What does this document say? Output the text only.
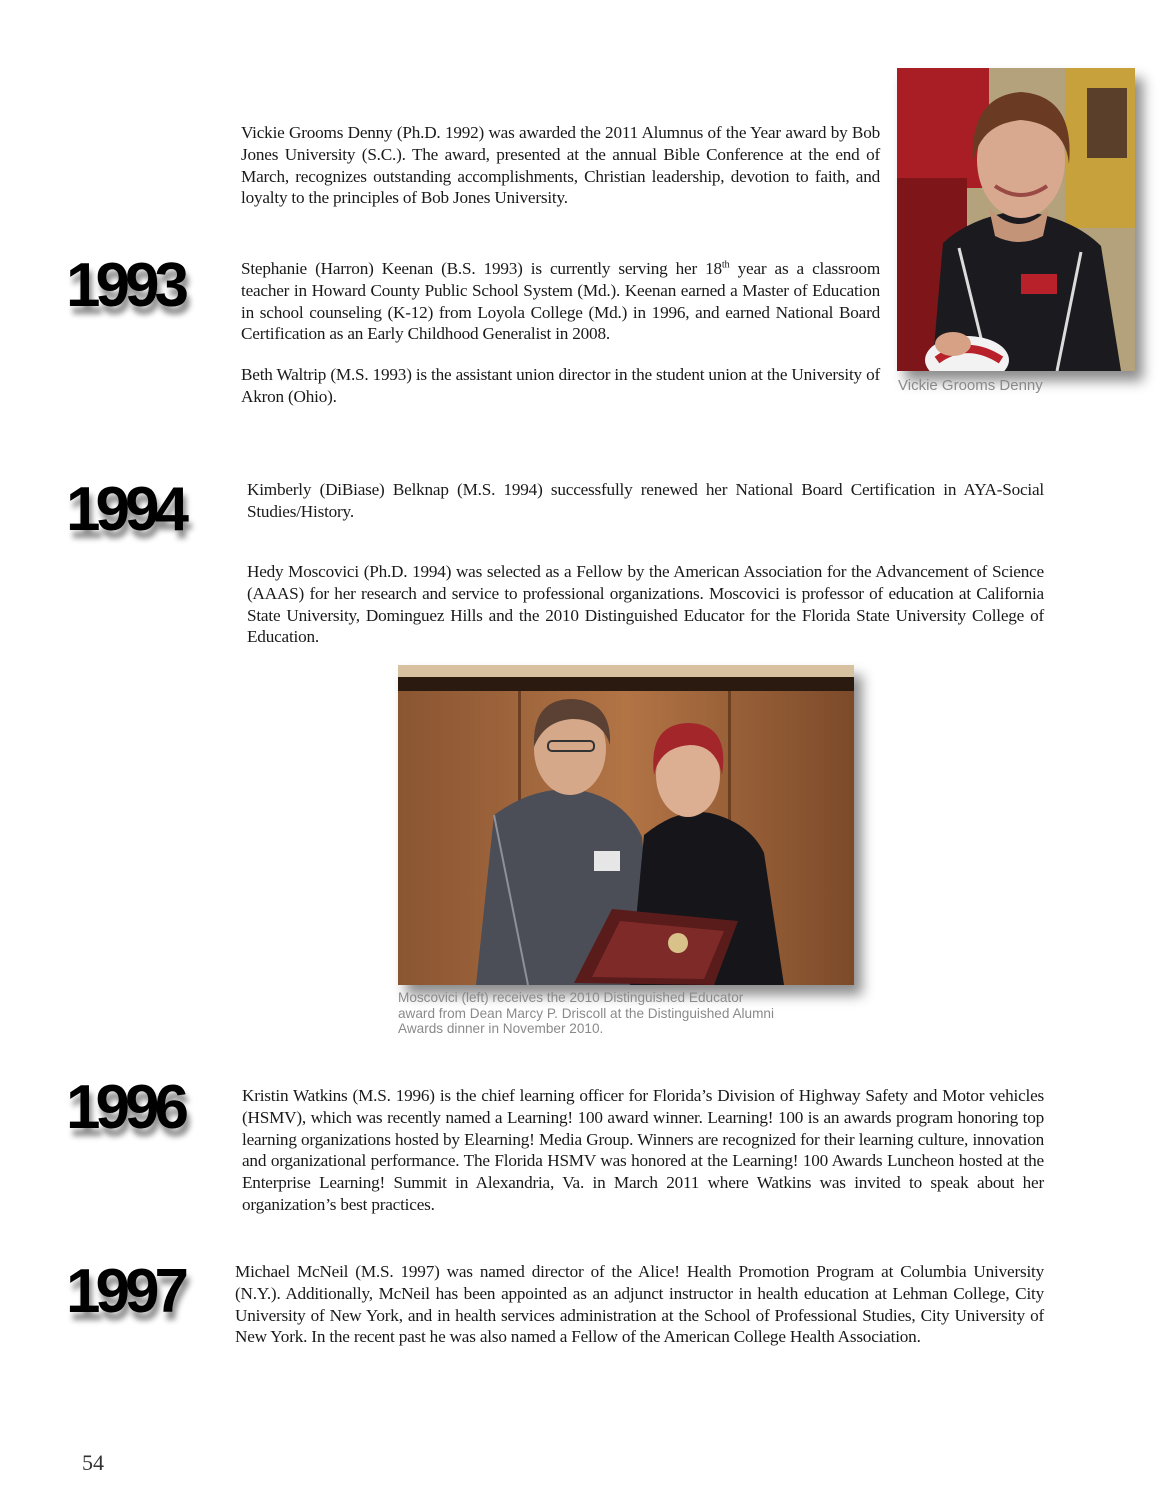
Vickie Grooms Denny (Ph.D. 1992) was awarded the 2011 Alumnus of the Year award by Bob Jones University (S.C.). The award, presented at the annual Bible Conference at the end of March, recognizes outstanding accomplishments, Christian leadership, devotion to faith, and loyalty to the principles of Bob Jones University.

1993	Stephanie (Harron) Keenan (B.S. 1993) is currently serving her 18th year as a classroom teacher in Howard County Public School System (Md.). Keenan earned a Master of Education in school counseling (K-12) from Loyola College (Md.) in 1996, and earned National Board Certification as an Early Childhood Generalist in 2008.

Beth Waltrip (M.S. 1993) is the assistant union director in the student union at the University of Akron (Ohio).

Vickie Grooms Denny

1994	Kimberly (DiBiase) Belknap (M.S. 1994) successfully renewed her National Board Certification in AYA-Social Studies/History.

Hedy Moscovici (Ph.D. 1994) was selected as a Fellow by the American Association for the Advancement of Science (AAAS) for her research and service to professional organizations. Moscovici is professor of education at California State University, Dominguez Hills and the 2010 Distinguished Educator for the Florida State University College of Education.

Moscovici (left) receives the 2010 Distinguished Educator award from Dean Marcy P. Driscoll at the Distinguished Alumni Awards dinner in November 2010.

1996	Kristin Watkins (M.S. 1996) is the chief learning officer for Florida’s Division of Highway Safety and Motor vehicles (HSMV), which was recently named a Learning! 100 award winner. Learning! 100 is an awards program honoring top learning organizations hosted by Elearning! Media Group. Winners are recognized for their learning culture, innovation and organizational performance. The Florida HSMV was honored at the Learning! 100 Awards Luncheon hosted at the Enterprise Learning! Summit in Alexandria, Va. in March 2011 where Watkins was invited to speak about her organization’s best practices.

1997	Michael McNeil (M.S. 1997) was named director of the Alice! Health Promotion Program at Columbia University (N.Y.). Additionally, McNeil has been appointed as an adjunct instructor in health education at Lehman College, City University of New York, and in health services administration at the School of Professional Studies, City University of New York. In the recent past he was also named a Fellow of the American College Health Association.

54
